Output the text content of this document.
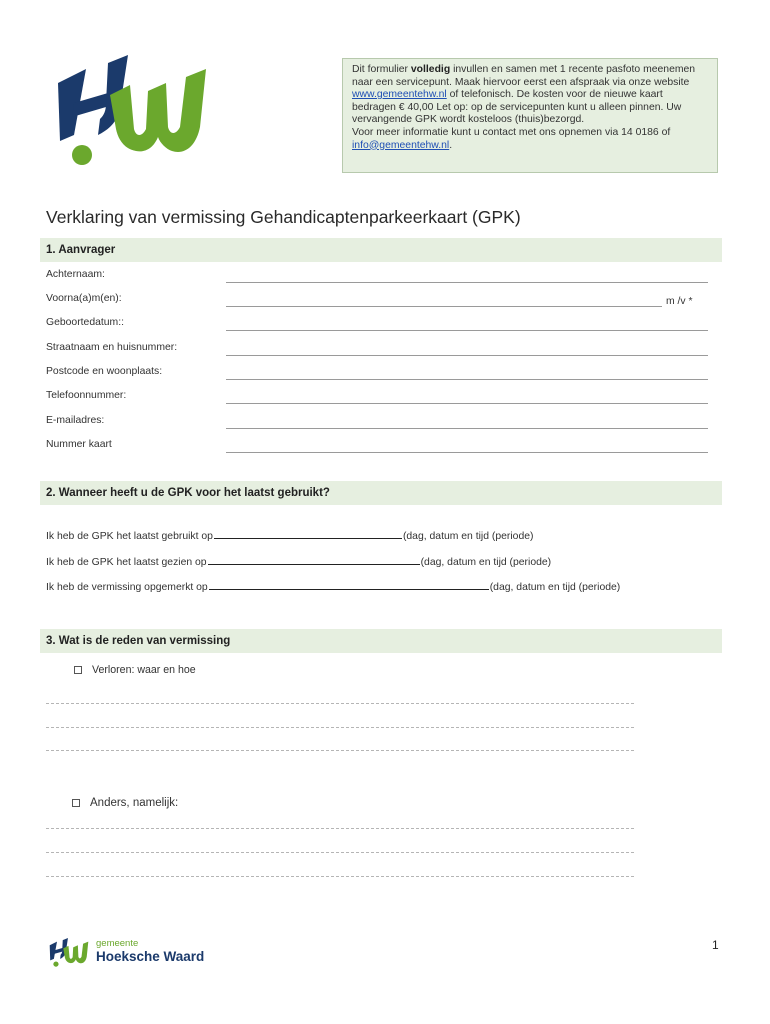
Dit formulier volledig invullen en samen met 1 recente pasfoto meenemen naar een servicepunt. Maak hiervoor eerst een afspraak via onze website www.gemeentehw.nl of telefonisch. De kosten voor de nieuwe kaart bedragen € 40,00 Let op: op de servicepunten kunt u alleen pinnen. Uw vervangende GPK wordt kosteloos (thuis)bezorgd.
Voor meer informatie kunt u contact met ons opnemen via 14 0186 of info@gemeentehw.nl.
Verklaring van vermissing Gehandicaptenparkeerkaart (GPK)
1. Aanvrager
Achternaam:
Voorna(a)m(en):	m /v *
Geboortedatum::
Straatnaam en huisnummer:
Postcode en woonplaats:
Telefoonnummer:
E-mailadres:
Nummer kaart
2. Wanneer heeft u de GPK voor het laatst gebruikt?
Ik heb de GPK het laatst gebruikt op	(dag, datum en tijd (periode)
Ik heb de GPK het laatst gezien op	(dag, datum en tijd (periode)
Ik heb de vermissing opgemerkt op	(dag, datum en tijd (periode)
3. Wat is de reden van vermissing
Verloren: waar en hoe
Anders, namelijk:
1
gemeente
Hoeksche Waard
